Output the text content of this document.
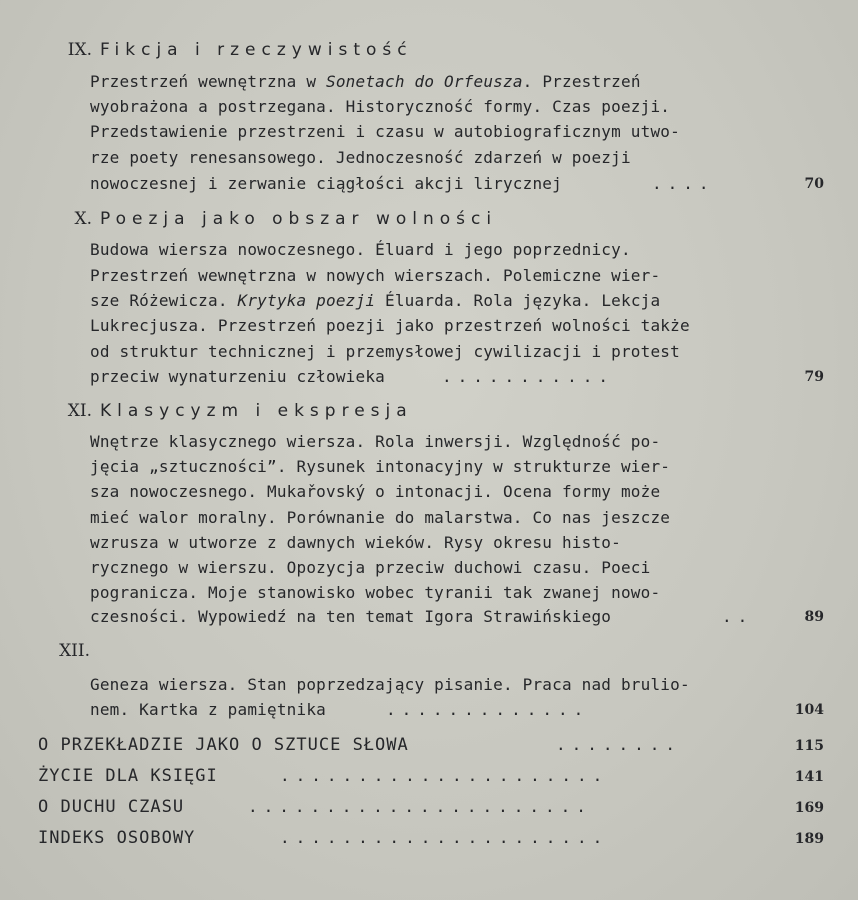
IX. Fikcja i rzeczywistość
Przestrzeń wewnętrzna w Sonetach do Orfeusza. Przestrzeń
wyobrażona a postrzegana. Historyczność formy. Czas poezji.
Przedstawienie przestrzeni i czasu w autobiograficznym utwo-
rze poety renesansowego. Jednoczesność zdarzeń w poezji
nowoczesnej i zerwanie ciągłości akcji lirycznej	....	70
X. Poezja jako obszar wolności
Budowa wiersza nowoczesnego. Éluard i jego poprzednicy.
Przestrzeń wewnętrzna w nowych wierszach. Polemiczne wier-
sze Różewicza. Krytyka poezji Éluarda. Rola języka. Lekcja
Lukrecjusza. Przestrzeń poezji jako przestrzeń wolności także
od struktur technicznej i przemysłowej cywilizacji i protest
przeciw wynaturzeniu człowieka	...........	79
XI. Klasycyzm i ekspresja
Wnętrze klasycznego wiersza. Rola inwersji. Względność po-
jęcia „sztuczności”. Rysunek intonacyjny w strukturze wier-
sza nowoczesnego. Mukařovský o intonacji. Ocena formy może
mieć walor moralny. Porównanie do malarstwa. Co nas jeszcze
wzrusza w utworze z dawnych wieków. Rysy okresu histo-
rycznego w wierszu. Opozycja przeciw duchowi czasu. Poeci
pogranicza. Moje stanowisko wobec tyranii tak zwanej nowo-
czesności. Wypowiedź na ten temat Igora Strawińskiego	..	89
XII.
Geneza wiersza. Stan poprzedzający pisanie. Praca nad brulio-
nem. Kartka z pamiętnika	.............	104
O PRZEKŁADZIE JAKO O SZTUCE SŁOWA	........	115
ŻYCIE DLA KSIĘGI	.....................	141
O DUCHU CZASU	......................	169
INDEKS OSOBOWY	.....................	189
